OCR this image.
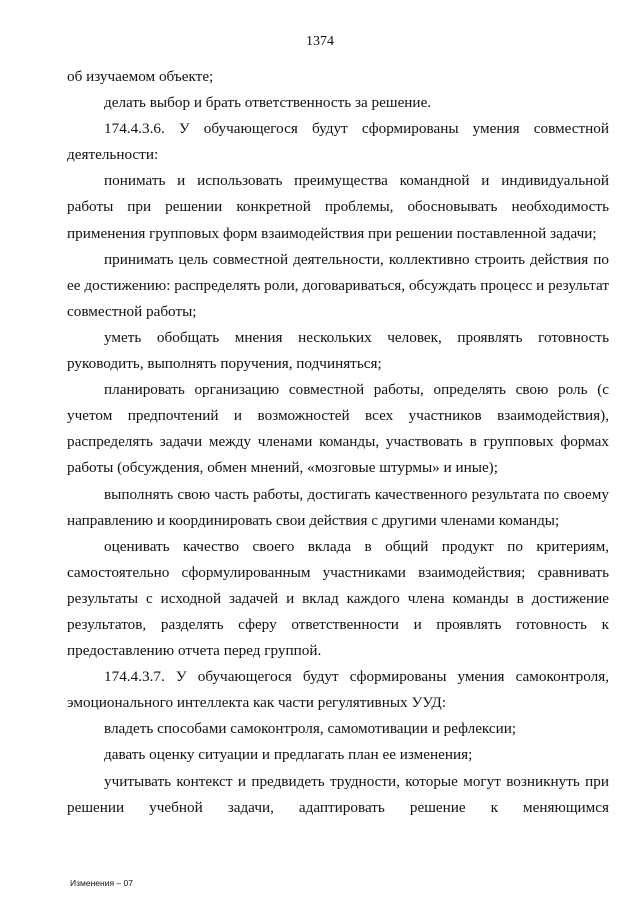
1374

об изучаемом объекте;

делать выбор и брать ответственность за решение.

174.4.3.6. У обучающегося будут сформированы умения совместной деятельности:

понимать и использовать преимущества командной и индивидуальной работы при решении конкретной проблемы, обосновывать необходимость применения групповых форм взаимодействия при решении поставленной задачи;

принимать цель совместной деятельности, коллективно строить действия по ее достижению: распределять роли, договариваться, обсуждать процесс и результат совместной работы;

уметь обобщать мнения нескольких человек, проявлять готовность руководить, выполнять поручения, подчиняться;

планировать организацию совместной работы, определять свою роль (с учетом предпочтений и возможностей всех участников взаимодействия), распределять задачи между членами команды, участвовать в групповых формах работы (обсуждения, обмен мнений, «мозговые штурмы» и иные);

выполнять свою часть работы, достигать качественного результата по своему направлению и координировать свои действия с другими членами команды;

оценивать качество своего вклада в общий продукт по критериям, самостоятельно сформулированным участниками взаимодействия; сравнивать результаты с исходной задачей и вклад каждого члена команды в достижение результатов, разделять сферу ответственности и проявлять готовность к предоставлению отчета перед группой.

174.4.3.7. У обучающегося будут сформированы умения самоконтроля, эмоционального интеллекта как части регулятивных УУД:

владеть способами самоконтроля, самомотивации и рефлексии;

давать оценку ситуации и предлагать план ее изменения;

учитывать контекст и предвидеть трудности, которые могут возникнуть при решении учебной задачи, адаптировать решение к меняющимся

Изменения – 07
